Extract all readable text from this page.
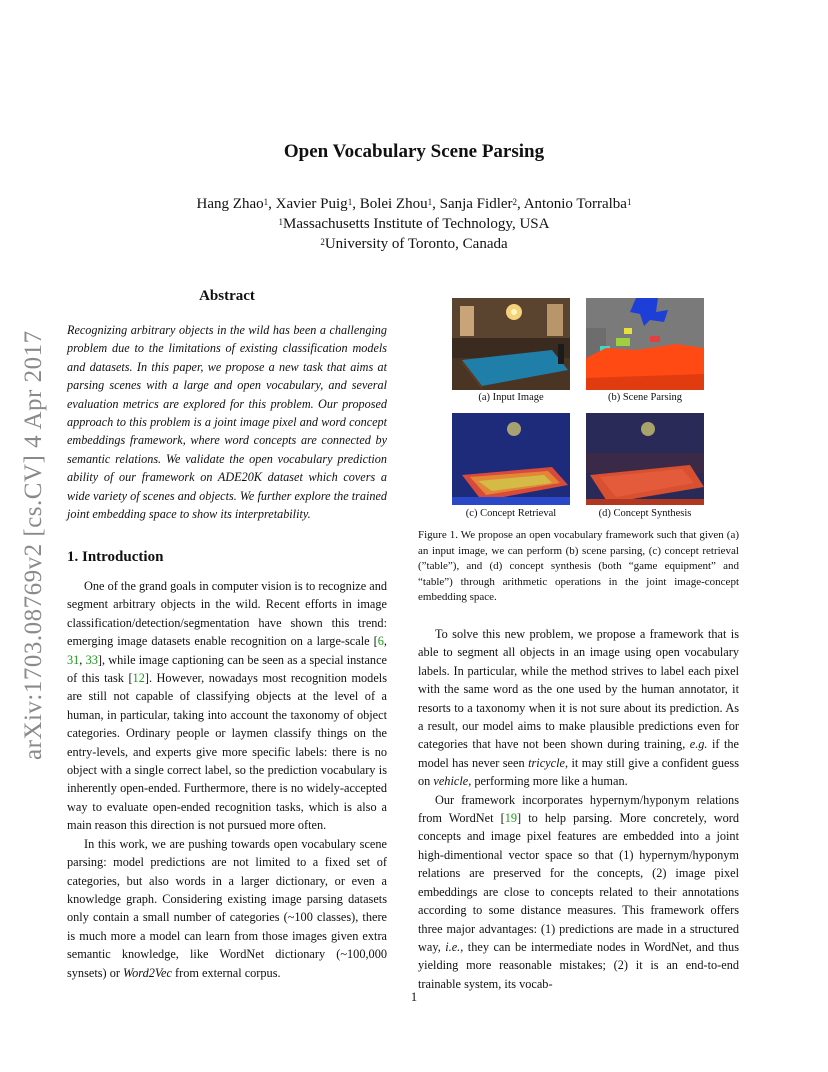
arXiv:1703.08769v2 [cs.CV] 4 Apr 2017
Open Vocabulary Scene Parsing
Hang Zhao$^1$, Xavier Puig$^1$, Bolei Zhou$^1$, Sanja Fidler$^2$, Antonio Torralba$^1$
$^1$Massachusetts Institute of Technology, USA
$^2$University of Toronto, Canada
Abstract
Recognizing arbitrary objects in the wild has been a challenging problem due to the limitations of existing classification models and datasets. In this paper, we propose a new task that aims at parsing scenes with a large and open vocabulary, and several evaluation metrics are explored for this problem. Our proposed approach to this problem is a joint image pixel and word concept embeddings framework, where word concepts are connected by semantic relations. We validate the open vocabulary prediction ability of our framework on ADE20K dataset which covers a wide variety of scenes and objects. We further explore the trained joint embedding space to show its interpretability.
1. Introduction

One of the grand goals in computer vision is to recognize and segment arbitrary objects in the wild. Recent efforts in image classification/detection/segmentation have shown this trend: emerging image datasets enable recognition on a large-scale [6, 31, 33], while image captioning can be seen as a special instance of this task [12]. However, nowadays most recognition models are still not capable of classifying objects at the level of a human, in particular, taking into account the taxonomy of object categories. Ordinary people or laymen classify things on the entry-levels, and experts give more specific labels: there is no object with a single correct label, so the prediction vocabulary is inherently open-ended. Furthermore, there is no widely-accepted way to evaluate open-ended recognition tasks, which is also a main reason this direction is not pursued more often.

In this work, we are pushing towards open vocabulary scene parsing: model predictions are not limited to a fixed set of categories, but also words in a larger dictionary, or even a knowledge graph. Considering existing image parsing datasets only contain a small number of categories (~100 classes), there is much more a model can learn from those images given extra semantic knowledge, like WordNet dictionary (~100,000 synsets) or Word2Vec from external corpus.

(a) Input Image	(b) Scene Parsing
(c) Concept Retrieval	(d) Concept Synthesis
Figure 1. We propose an open vocabulary framework such that given (a) an input image, we can perform (b) scene parsing, (c) concept retrieval (”table”), and (d) concept synthesis (both “game equipment” and “table”) through arithmetic operations in the joint image-concept embedding space.

To solve this new problem, we propose a framework that is able to segment all objects in an image using open vocabulary labels. In particular, while the method strives to label each pixel with the same word as the one used by the human annotator, it resorts to a taxonomy when it is not sure about its prediction. As a result, our model aims to make plausible predictions even for categories that have not been shown during training, e.g. if the model has never seen tricycle, it may still give a confident guess on vehicle, performing more like a human.

Our framework incorporates hypernym/hyponym relations from WordNet [19] to help parsing. More concretely, word concepts and image pixel features are embedded into a joint high-dimentional vector space so that (1) hypernym/hyponym relations are preserved for the concepts, (2) image pixel embeddings are close to concepts related to their annotations according to some distance measures. This framework offers three major advantages: (1) predictions are made in a structured way, i.e., they can be intermediate nodes in WordNet, and thus yielding more reasonable mistakes; (2) it is an end-to-end trainable system, its vocab-

1
